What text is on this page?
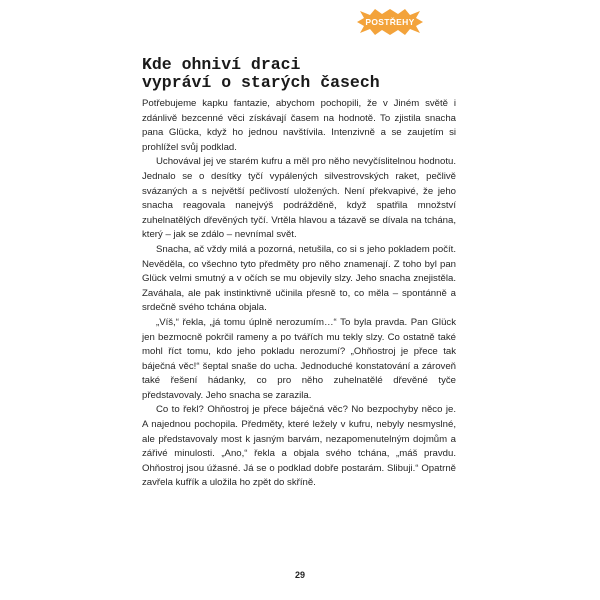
POSTŘEHY
Kde ohniví draci
vypráví o starých časech

Potřebujeme kapku fantazie, abychom pochopili, že v Jiném světě i zdánlivě bezcenné věci získávají časem na hodnotě. To zjistila snacha pana Glücka, když ho jednou navštívila. Intenzivně a se zaujetím si prohlížel svůj podklad.

Uchovával jej ve starém kufru a měl pro něho nevyčíslitelnou hodnotu. Jednalo se o desítky tyčí vypálených silvestrovských raket, pečlivě svázaných a s největší pečlivostí uložených. Není překvapivé, že jeho snacha reagovala nanejvýš podrážděně, když spatřila množství zuhelnatělých dřevěných tyčí. Vrtěla hlavou a tázavě se dívala na tchána, který – jak se zdálo – nevnímal svět.

Snacha, ač vždy milá a pozorná, netušila, co si s jeho pokladem počít. Nevěděla, co všechno tyto předměty pro něho znamenají. Z toho byl pan Glück velmi smutný a v očích se mu objevily slzy. Jeho snacha znejistěla. Zaváhala, ale pak instinktivně učinila přesně to, co měla – spontánně a srdečně svého tchána objala.

„Víš,“ řekla, „já tomu úplně nerozumím…“ To byla pravda. Pan Glück jen bezmocně pokrčil rameny a po tvářích mu tekly slzy. Co ostatně také mohl říct tomu, kdo jeho pokladu nerozumí? „Ohňostroj je přece tak báječná věc!“ šeptal snaše do ucha. Jednoduché konstatování a zároveň také řešení hádanky, co pro něho zuhelnatělé dřevěné tyče představovaly. Jeho snacha se zarazila.

Co to řekl? Ohňostroj je přece báječná věc? No bezpochyby něco je. A najednou pochopila. Předměty, které ležely v kufru, nebyly nesmyslné, ale představovaly most k jasným barvám, nezapomenutelným dojmům a zářivé minulosti. „Ano,“ řekla a objala svého tchána, „máš pravdu. Ohňostroj jsou úžasné. Já se o podklad dobře postarám. Slibuji.“ Opatrně zavřela kufřík a uložila ho zpět do skříně.

29
